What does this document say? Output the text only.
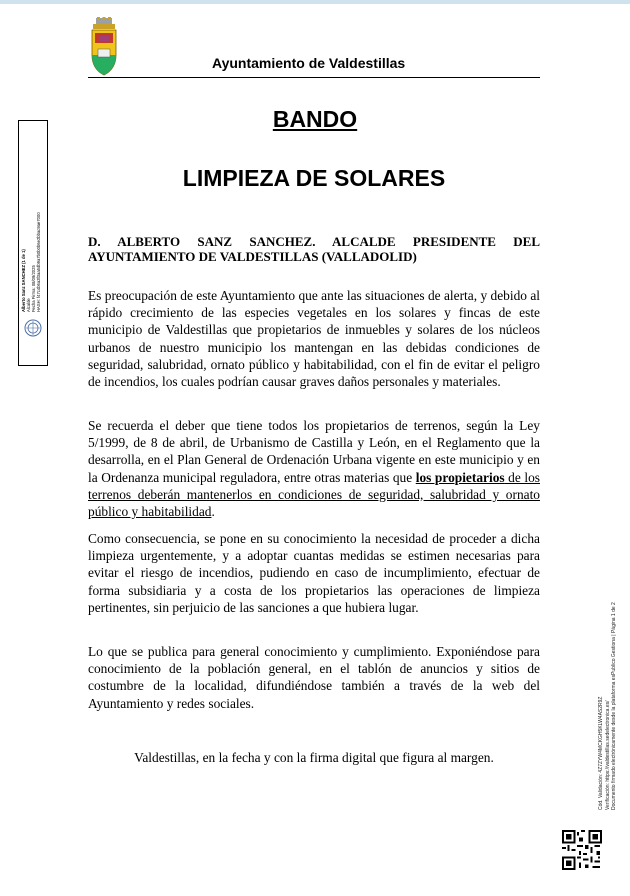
Ayuntamiento de Valdestillas
BANDO
LIMPIEZA DE SOLARES
D. ALBERTO SANZ SANCHEZ. ALCALDE PRESIDENTE DEL
AYUNTAMIENTO DE VALDESTILLAS (VALLADOLID)
Es preocupación de este Ayuntamiento que ante las situaciones de alerta, y debido al rápido crecimiento de las especies vegetales en los solares y fincas de este municipio de Valdestillas que propietarios de inmuebles y solares de los núcleos urbanos de nuestro municipio los mantengan en las debidas condiciones de seguridad, salubridad, ornato público y habitabilidad, con el fin de evitar el peligro de incendios, los cuales podrían causar graves daños personales y materiales.
Se recuerda el deber que tiene todos los propietarios de terrenos, según la Ley 5/1999, de 8 de abril, de Urbanismo de Castilla y León, en el Reglamento que la desarrolla, en el Plan General de Ordenación Urbana vigente en este municipio y en la Ordenanza municipal reguladora, entre otras materias que los propietarios de los terrenos deberán mantenerlos en condiciones de seguridad, salubridad y ornato público y habitabilidad.
Como consecuencia, se pone en su conocimiento la necesidad de proceder a dicha limpieza urgentemente, y a adoptar cuantas medidas se estimen necesarias para evitar el riesgo de incendios, pudiendo en caso de incumplimiento, efectuar de forma subsidiaria y a costa de los propietarios las operaciones de limpieza pertinentes, sin perjuicio de las sanciones a que hubiera lugar.
Lo que se publica para general conocimiento y cumplimiento. Exponiéndose para conocimiento de la población general, en el tablón de anuncios y sitios de costumbre de la localidad, difundiéndose también a través de la web del Ayuntamiento y redes sociales.
Valdestillas, en la fecha y con la firma digital que figura al margen.
Alberto Sanz SANCHEZ (1 de 1) Alcalde Fecha Firma: 08/09/2025 HASH: f47c4b6a3f3aa5db9a7b0b0b6e2bbac9ae7000
Cód. Validación: 4Z7ZYW4MCKGH5KLW4AS2R9Z Verificación: https://valdestillas.sedelectronica.es/ Documento firmado electrónicamente desde la plataforma esPublico Gestiona | Página 1 de 2
